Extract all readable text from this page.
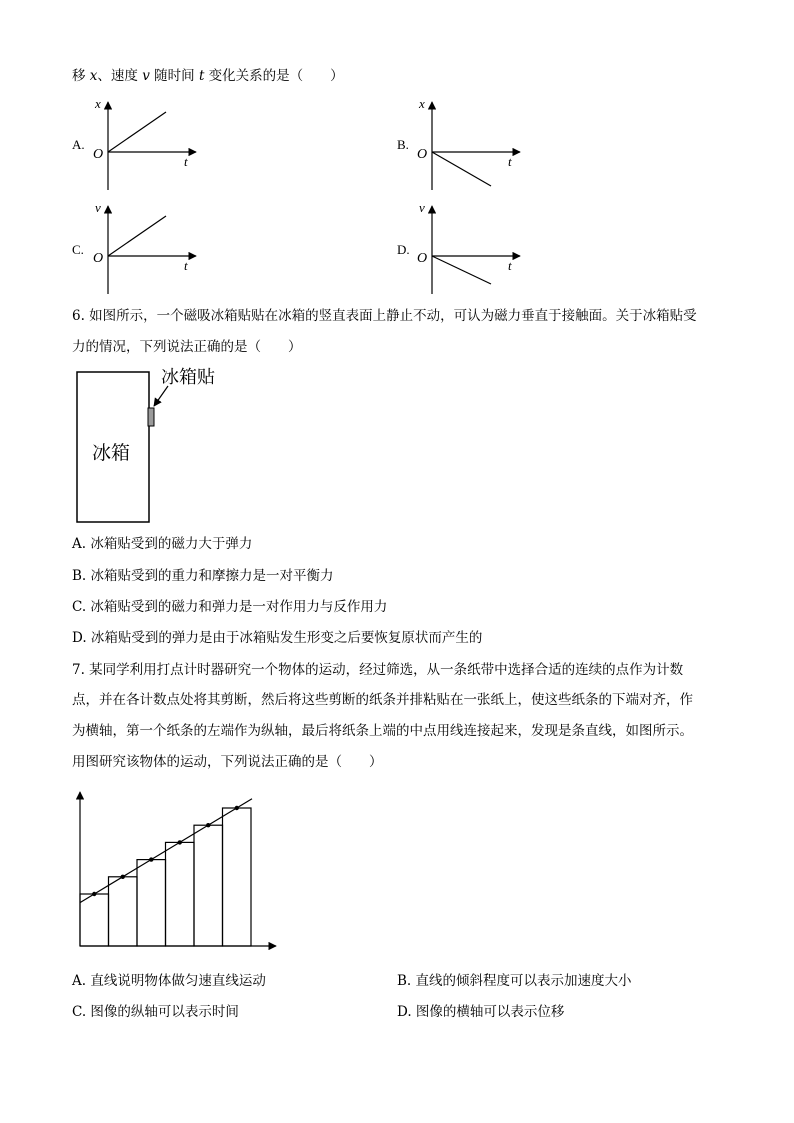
移 x、速度 v 随时间 t 变化关系的是（　　）
A.
x
O	t
B.
x
O	t
C.
v
O	t
D.
v
O	t
6. 如图所示，一个磁吸冰箱贴贴在冰箱的竖直表面上静止不动，可认为磁力垂直于接触面。关于冰箱贴受
力的情况，下列说法正确的是（　　）
冰箱
冰箱贴
A. 冰箱贴受到的磁力大于弹力
B. 冰箱贴受到的重力和摩擦力是一对平衡力
C. 冰箱贴受到的磁力和弹力是一对作用力与反作用力
D. 冰箱贴受到的弹力是由于冰箱贴发生形变之后要恢复原状而产生的
7. 某同学利用打点计时器研究一个物体的运动，经过筛选，从一条纸带中选择合适的连续的点作为计数
点，并在各计数点处将其剪断，然后将这些剪断的纸条并排粘贴在一张纸上，使这些纸条的下端对齐，作
为横轴，第一个纸条的左端作为纵轴，最后将纸条上端的中点用线连接起来，发现是条直线，如图所示。
用图研究该物体的运动，下列说法正确的是（　　）
A. 直线说明物体做匀速直线运动	B. 直线的倾斜程度可以表示加速度大小
C. 图像的纵轴可以表示时间	D. 图像的横轴可以表示位移
